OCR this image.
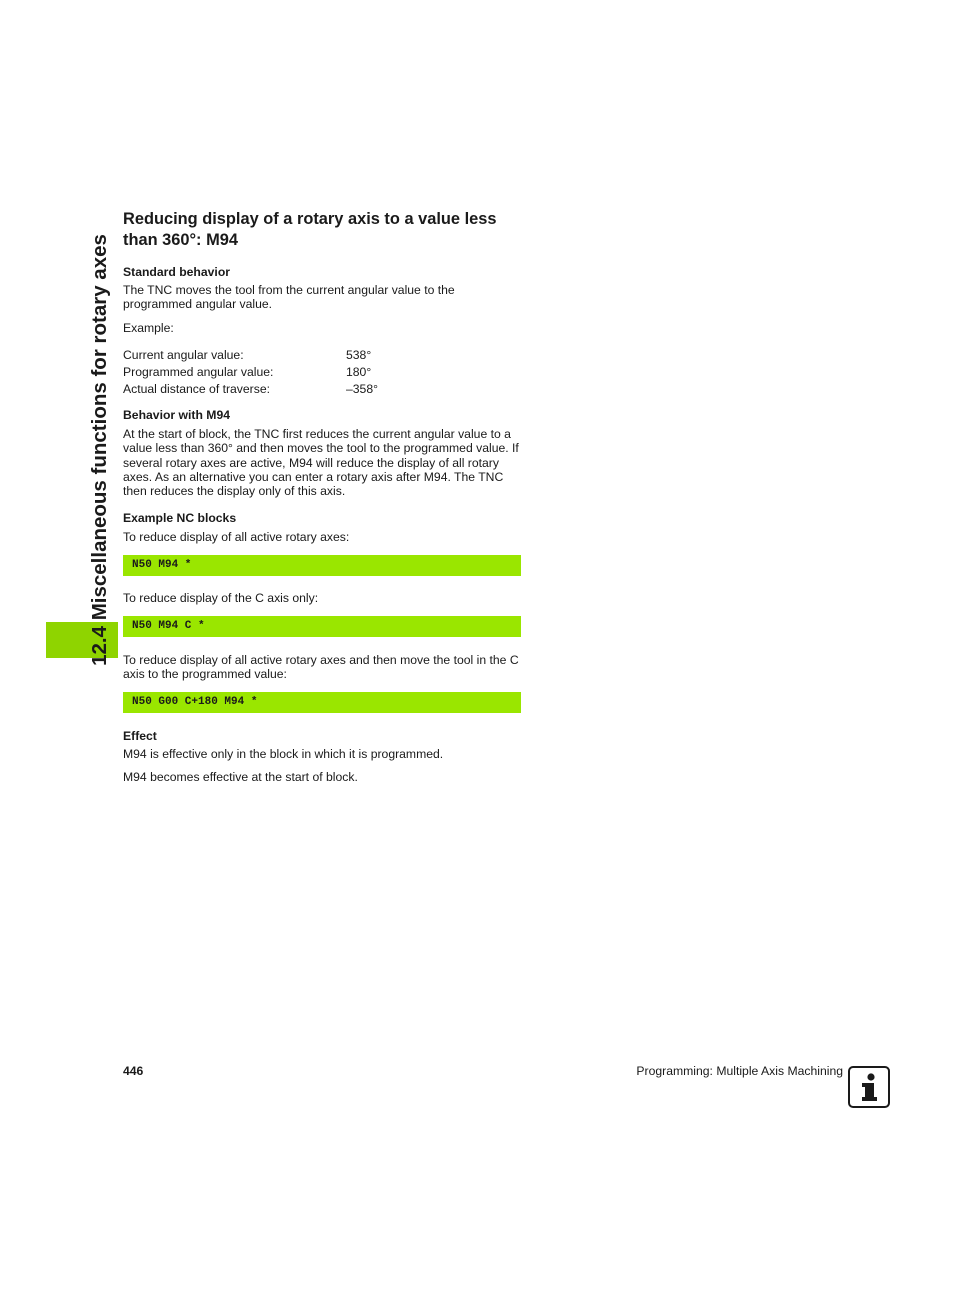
12.4 Miscellaneous functions for rotary axes
Reducing display of a rotary axis to a value less than 360°: M94
Standard behavior
The TNC moves the tool from the current angular value to the programmed angular value.
Example:
Current angular value:	538°
Programmed angular value:	180°
Actual distance of traverse:	–358°
Behavior with M94
At the start of block, the TNC first reduces the current angular value to a value less than 360° and then moves the tool to the programmed value. If several rotary axes are active, M94 will reduce the display of all rotary axes. As an alternative you can enter a rotary axis after M94. The TNC then reduces the display only of this axis.
Example NC blocks
To reduce display of all active rotary axes:
N50 M94 *
To reduce display of the C axis only:
N50 M94 C *
To reduce display of all active rotary axes and then move the tool in the C axis to the programmed value:
N50 G00 C+180 M94 *
Effect
M94 is effective only in the block in which it is programmed.
M94 becomes effective at the start of block.
446	Programming: Multiple Axis Machining
